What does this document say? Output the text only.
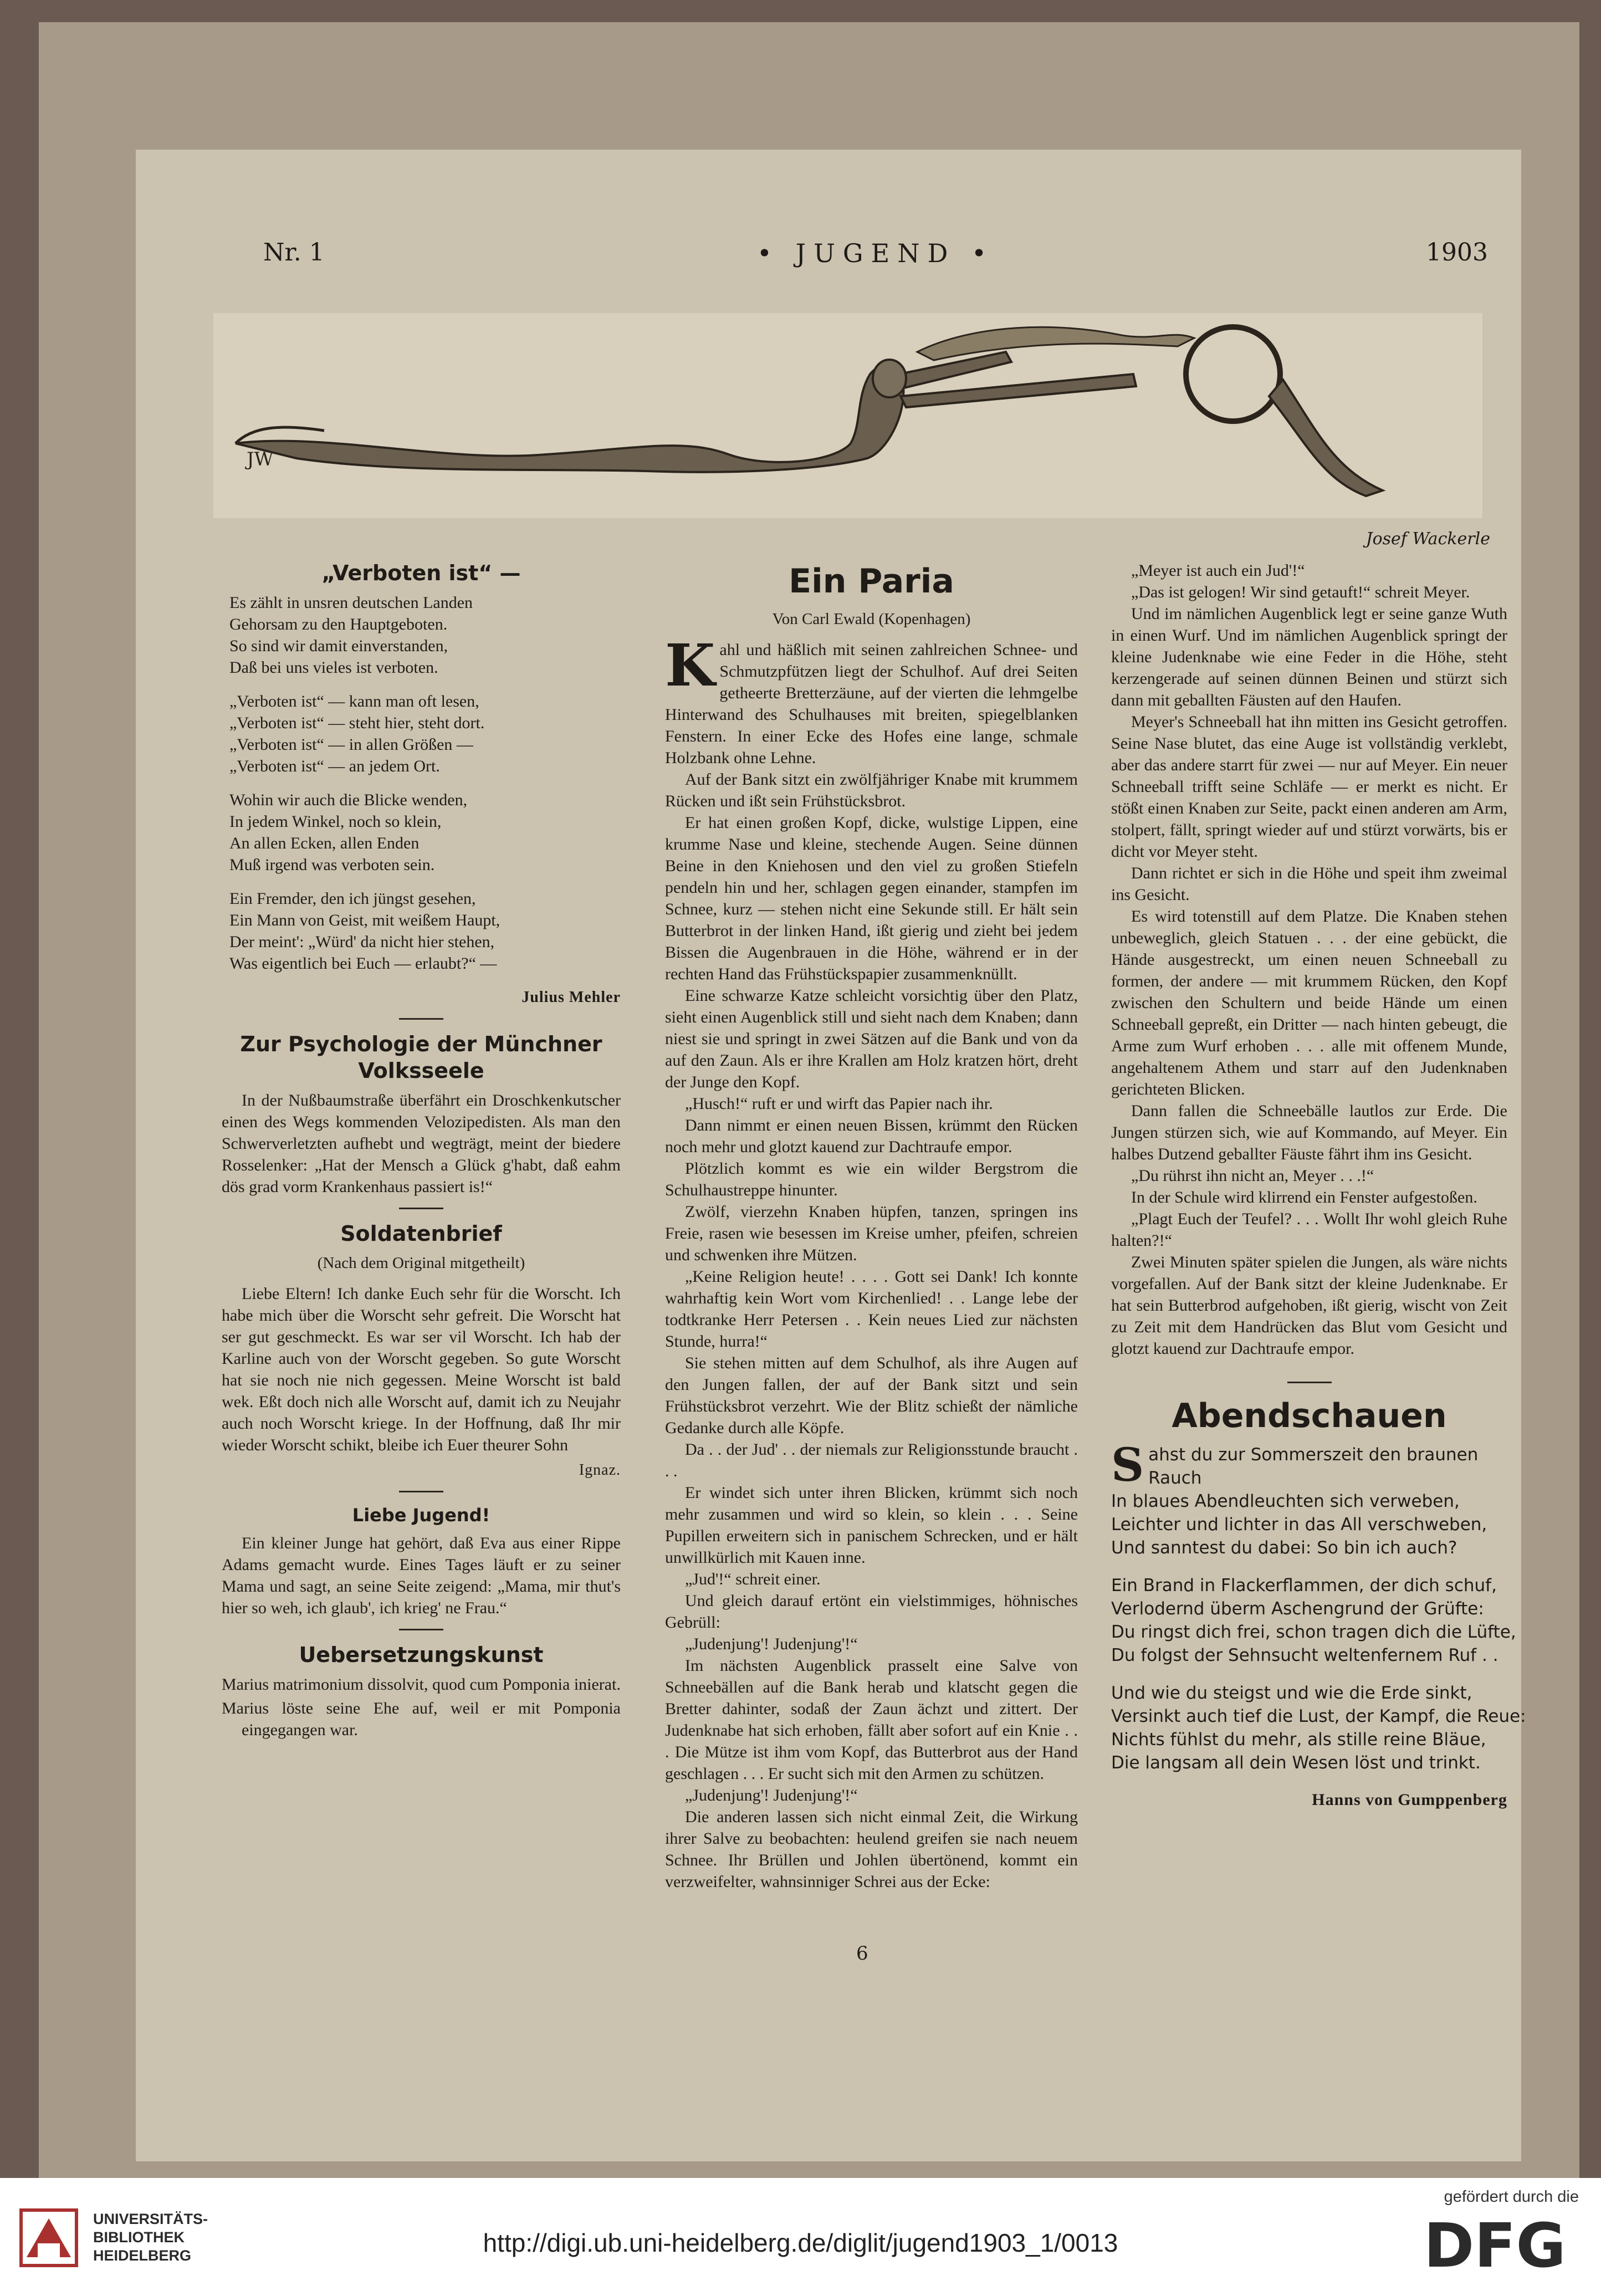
Nr. 1	• JUGEND •	1903
JW
Josef Wackerle
„Verboten ist“ —
Es zählt in unsren deutschen Landen
Gehorsam zu den Hauptgeboten.
So sind wir damit einverstanden,
Daß bei uns vieles ist verboten.
„Verboten ist“ — kann man oft lesen,
„Verboten ist“ — steht hier, steht dort.
„Verboten ist“ — in allen Größen —
„Verboten ist“ — an jedem Ort.
Wohin wir auch die Blicke wenden,
In jedem Winkel, noch so klein,
An allen Ecken, allen Enden
Muß irgend was verboten sein.
Ein Fremder, den ich jüngst gesehen,
Ein Mann von Geist, mit weißem Haupt,
Der meint': „Würd' da nicht hier stehen,
Was eigentlich bei Euch — erlaubt?“ —
Julius Mehler
Zur Psychologie der Münchner Volksseele

In der Nußbaumstraße überfährt ein Droschkenkutscher einen des Wegs kommenden Velozipedisten. Als man den Schwerverletzten aufhebt und wegträgt, meint der biedere Rosselenker: „Hat der Mensch a Glück g'habt, daß eahm dös grad vorm Krankenhaus passiert is!“

Soldatenbrief
(Nach dem Original mitgetheilt)

Liebe Eltern! Ich danke Euch sehr für die Worscht. Ich habe mich über die Worscht sehr gefreit. Die Worscht hat ser gut geschmeckt. Es war ser vil Worscht. Ich hab der Karline auch von der Worscht gegeben. So gute Worscht hat sie noch nie nich gegessen. Meine Worscht ist bald wek. Eßt doch nich alle Worscht auf, damit ich zu Neujahr auch noch Worscht kriege. In der Hoffnung, daß Ihr mir wieder Worscht schikt, bleibe ich Euer theurer Sohn

Ignaz.
Liebe Jugend!

Ein kleiner Junge hat gehört, daß Eva aus einer Rippe Adams gemacht wurde. Eines Tages läuft er zu seiner Mama und sagt, an seine Seite zeigend: „Mama, mir thut's hier so weh, ich glaub', ich krieg' ne Frau.“

Uebersetzungskunst

Marius matrimonium dissolvit, quod cum Pomponia inierat.

Marius löste seine Ehe auf, weil er mit Pomponia eingegangen war.

Ein Paria
Von Carl Ewald (Kopenhagen)

Kahl und häßlich mit seinen zahlreichen Schnee- und Schmutzpfützen liegt der Schulhof. Auf drei Seiten getheerte Bretterzäune, auf der vierten die lehmgelbe Hinterwand des Schulhauses mit breiten, spiegelblanken Fenstern. In einer Ecke des Hofes eine lange, schmale Holzbank ohne Lehne.

Auf der Bank sitzt ein zwölfjähriger Knabe mit krummem Rücken und ißt sein Frühstücksbrot.

Er hat einen großen Kopf, dicke, wulstige Lippen, eine krumme Nase und kleine, stechende Augen. Seine dünnen Beine in den Kniehosen und den viel zu großen Stiefeln pendeln hin und her, schlagen gegen einander, stampfen im Schnee, kurz — stehen nicht eine Sekunde still. Er hält sein Butterbrot in der linken Hand, ißt gierig und zieht bei jedem Bissen die Augenbrauen in die Höhe, während er in der rechten Hand das Frühstückspapier zusammenknüllt.

Eine schwarze Katze schleicht vorsichtig über den Platz, sieht einen Augenblick still und sieht nach dem Knaben; dann niest sie und springt in zwei Sätzen auf die Bank und von da auf den Zaun. Als er ihre Krallen am Holz kratzen hört, dreht der Junge den Kopf.

„Husch!“ ruft er und wirft das Papier nach ihr.

Dann nimmt er einen neuen Bissen, krümmt den Rücken noch mehr und glotzt kauend zur Dachtraufe empor.

Plötzlich kommt es wie ein wilder Bergstrom die Schulhaustreppe hinunter.

Zwölf, vierzehn Knaben hüpfen, tanzen, springen ins Freie, rasen wie besessen im Kreise umher, pfeifen, schreien und schwenken ihre Mützen.

„Keine Religion heute! . . . . Gott sei Dank! Ich konnte wahrhaftig kein Wort vom Kirchenlied! . . Lange lebe der todtkranke Herr Petersen . . Kein neues Lied zur nächsten Stunde, hurra!“

Sie stehen mitten auf dem Schulhof, als ihre Augen auf den Jungen fallen, der auf der Bank sitzt und sein Frühstücksbrot verzehrt. Wie der Blitz schießt der nämliche Gedanke durch alle Köpfe.

Da . . der Jud' . . der niemals zur Religionsstunde braucht . . .

Er windet sich unter ihren Blicken, krümmt sich noch mehr zusammen und wird so klein, so klein . . . Seine Pupillen erweitern sich in panischem Schrecken, und er hält unwillkürlich mit Kauen inne.

„Jud'!“ schreit einer.

Und gleich darauf ertönt ein vielstimmiges, höhnisches Gebrüll:

„Judenjung'! Judenjung'!“

Im nächsten Augenblick prasselt eine Salve von Schneebällen auf die Bank herab und klatscht gegen die Bretter dahinter, sodaß der Zaun ächzt und zittert. Der Judenknabe hat sich erhoben, fällt aber sofort auf ein Knie . . . Die Mütze ist ihm vom Kopf, das Butterbrot aus der Hand geschlagen . . . Er sucht sich mit den Armen zu schützen.

„Judenjung'! Judenjung'!“

Die anderen lassen sich nicht einmal Zeit, die Wirkung ihrer Salve zu beobachten: heulend greifen sie nach neuem Schnee. Ihr Brüllen und Johlen übertönend, kommt ein verzweifelter, wahnsinniger Schrei aus der Ecke:

„Meyer ist auch ein Jud'!“

„Das ist gelogen! Wir sind getauft!“ schreit Meyer.

Und im nämlichen Augenblick legt er seine ganze Wuth in einen Wurf. Und im nämlichen Augenblick springt der kleine Judenknabe wie eine Feder in die Höhe, steht kerzengerade auf seinen dünnen Beinen und stürzt sich dann mit geballten Fäusten auf den Haufen.

Meyer's Schneeball hat ihn mitten ins Gesicht getroffen. Seine Nase blutet, das eine Auge ist vollständig verklebt, aber das andere starrt für zwei — nur auf Meyer. Ein neuer Schneeball trifft seine Schläfe — er merkt es nicht. Er stößt einen Knaben zur Seite, packt einen anderen am Arm, stolpert, fällt, springt wieder auf und stürzt vorwärts, bis er dicht vor Meyer steht.

Dann richtet er sich in die Höhe und speit ihm zweimal ins Gesicht.

Es wird totenstill auf dem Platze. Die Knaben stehen unbeweglich, gleich Statuen . . . der eine gebückt, die Hände ausgestreckt, um einen neuen Schneeball zu formen, der andere — mit krummem Rücken, den Kopf zwischen den Schultern und beide Hände um einen Schneeball gepreßt, ein Dritter — nach hinten gebeugt, die Arme zum Wurf erhoben . . . alle mit offenem Munde, angehaltenem Athem und starr auf den Judenknaben gerichteten Blicken.

Dann fallen die Schneebälle lautlos zur Erde. Die Jungen stürzen sich, wie auf Kommando, auf Meyer. Ein halbes Dutzend geballter Fäuste fährt ihm ins Gesicht.

„Du rührst ihn nicht an, Meyer . . .!“

In der Schule wird klirrend ein Fenster aufgestoßen.

„Plagt Euch der Teufel? . . . Wollt Ihr wohl gleich Ruhe halten?!“

Zwei Minuten später spielen die Jungen, als wäre nichts vorgefallen. Auf der Bank sitzt der kleine Judenknabe. Er hat sein Butterbrod aufgehoben, ißt gierig, wischt von Zeit zu Zeit mit dem Handrücken das Blut vom Gesicht und glotzt kauend zur Dachtraufe empor.

Abendschauen
Sahst du zur Sommerszeit den braunen Rauch
In blaues Abendleuchten sich verweben,
Leichter und lichter in das All verschweben,
Und sanntest du dabei: So bin ich auch?
Ein Brand in Flackerflammen, der dich schuf,
Verlodernd überm Aschengrund der Grüfte:
Du ringst dich frei, schon tragen dich die Lüfte,
Du folgst der Sehnsucht weltenfernem Ruf . .
Und wie du steigst und wie die Erde sinkt,
Versinkt auch tief die Lust, der Kampf, die Reue:
Nichts fühlst du mehr, als stille reine Bläue,
Die langsam all dein Wesen löst und trinkt.
Hanns von Gumppenberg
6
UNIVERSITÄTS-
BIBLIOTHEK
HEIDELBERG	http://digi.ub.uni-heidelberg.de/diglit/jugend1903_1/0013
gefördert durch die
DFG
